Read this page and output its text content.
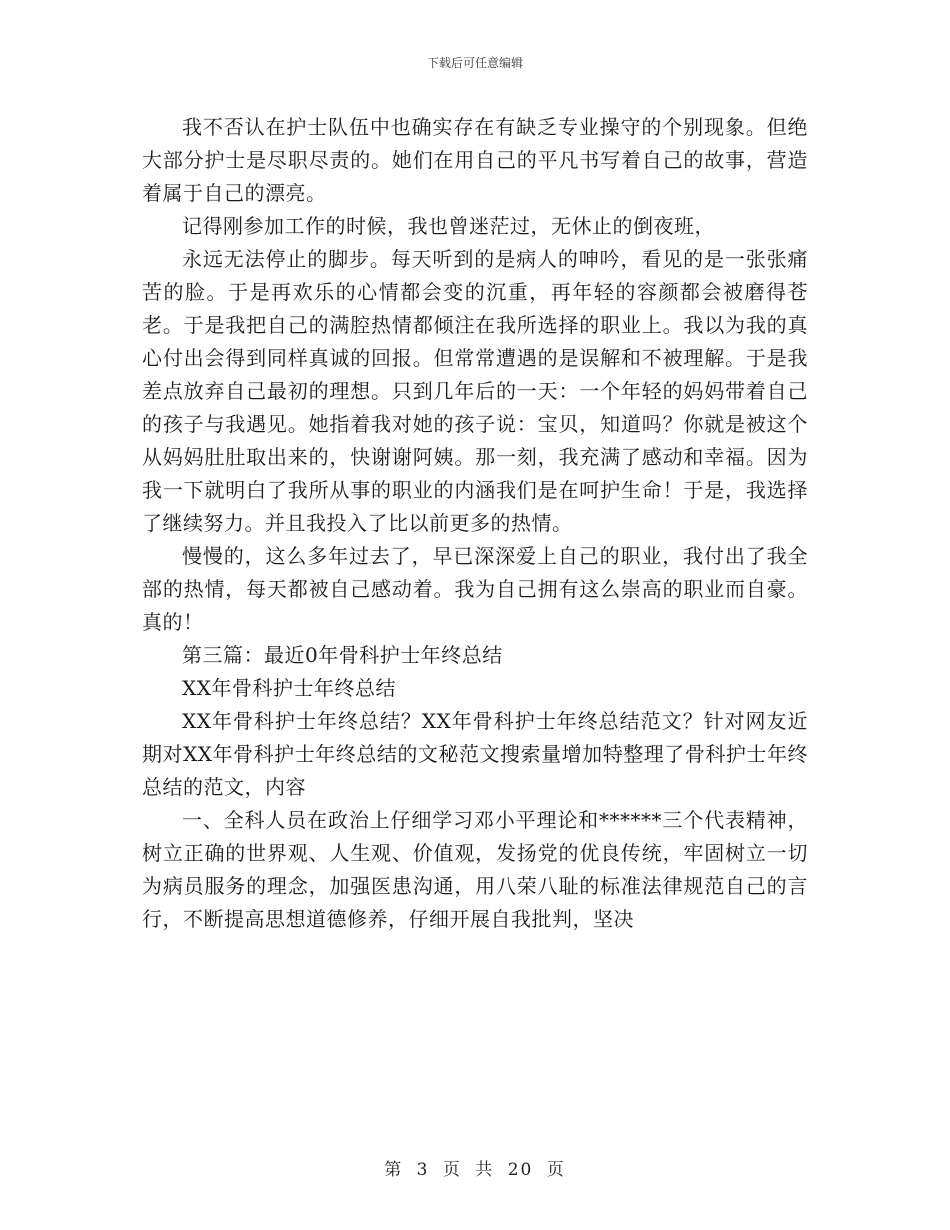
下载后可任意编辑

我不否认在护士队伍中也确实存在有缺乏专业操守的个别现象。但绝大部分护士是尽职尽责的。她们在用自己的平凡书写着自己的故事，营造着属于自己的漂亮。

记得刚参加工作的时候，我也曾迷茫过，无休止的倒夜班，

永远无法停止的脚步。每天听到的是病人的呻吟，看见的是一张张痛苦的脸。于是再欢乐的心情都会变的沉重，再年轻的容颜都会被磨得苍老。于是我把自己的满腔热情都倾注在我所选择的职业上。我以为我的真心付出会得到同样真诚的回报。但常常遭遇的是误解和不被理解。于是我差点放弃自己最初的理想。只到几年后的一天：一个年轻的妈妈带着自己的孩子与我遇见。她指着我对她的孩子说：宝贝，知道吗？你就是被这个从妈妈肚肚取出来的，快谢谢阿姨。那一刻，我充满了感动和幸福。因为我一下就明白了我所从事的职业的内涵我们是在呵护生命！于是，我选择了继续努力。并且我投入了比以前更多的热情。

慢慢的，这么多年过去了，早已深深爱上自己的职业，我付出了我全部的热情，每天都被自己感动着。我为自己拥有这么崇高的职业而自豪。真的！

第三篇：最近0年骨科护士年终总结

XX年骨科护士年终总结

XX年骨科护士年终总结？XX年骨科护士年终总结范文？针对网友近期对XX年骨科护士年终总结的文秘范文搜索量增加特整理了骨科护士年终总结的范文，内容

一、全科人员在政治上仔细学习邓小平理论和******三个代表精神，树立正确的世界观、人生观、价值观，发扬党的优良传统，牢固树立一切为病员服务的理念，加强医患沟通，用八荣八耻的标准法律规范自己的言行，不断提高思想道德修养，仔细开展自我批判，坚决

第 3 页 共 20 页
